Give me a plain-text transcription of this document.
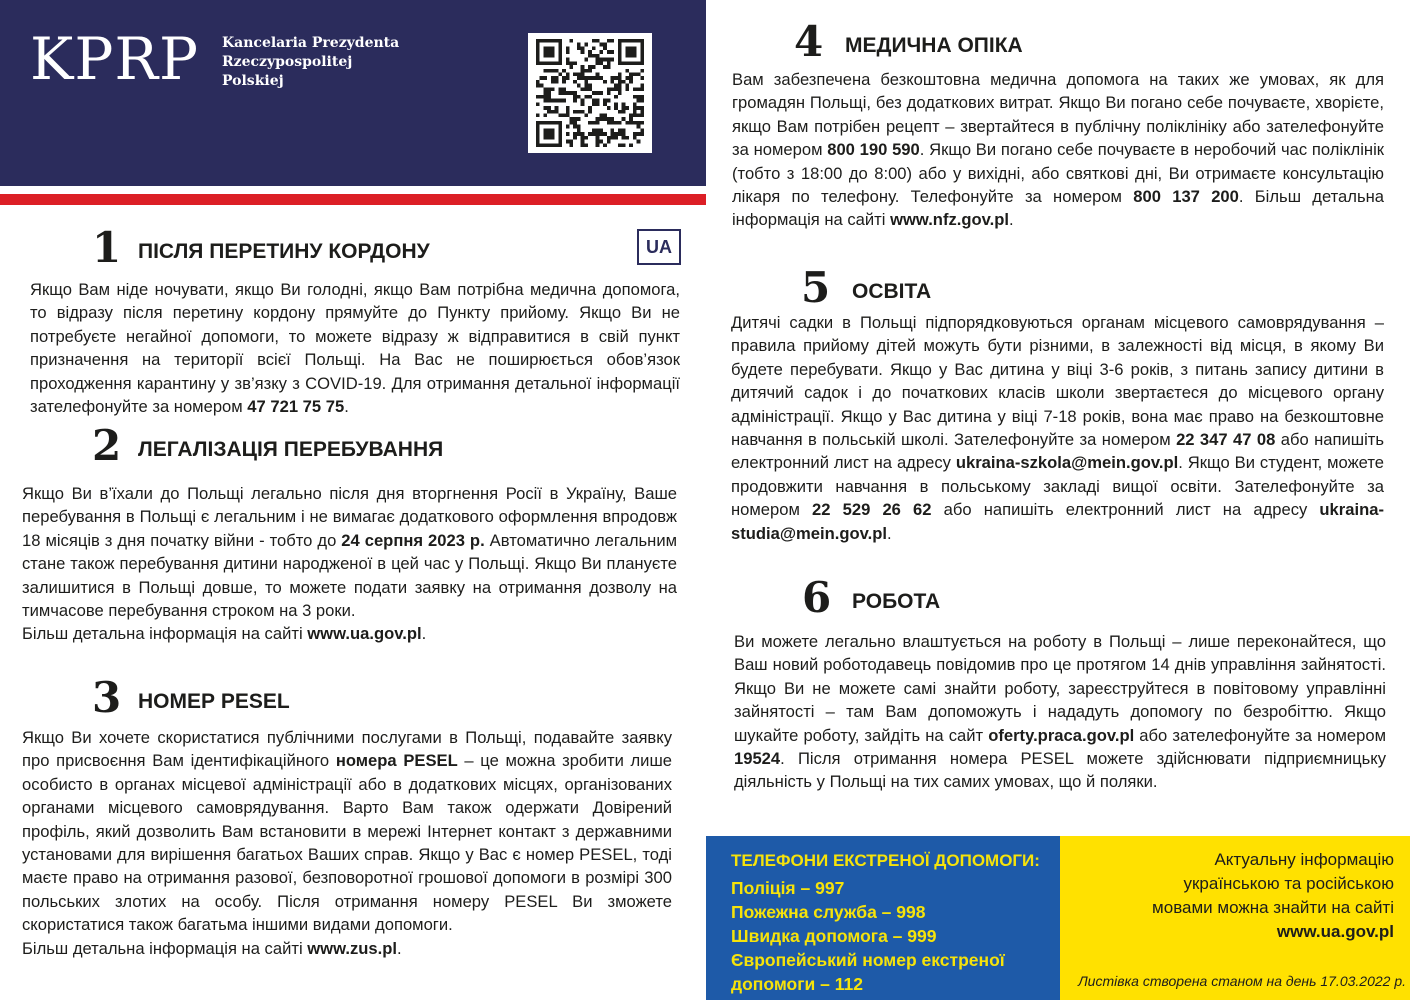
KPRP Kancelaria Prezydenta
Rzeczypospolitej
Polskiej
UA
1 ПІСЛЯ ПЕРЕТИНУ КОРДОНУ

Якщо Вам ніде ночувати, якщо Ви голодні, якщо Вам потрібна медична допомога, то відразу після перетину кордону прямуйте до Пункту прийому. Якщо Ви не потребуєте негайної допомоги, то можете відразу ж відправитися в свій пункт призначення на території всієї Польщі. На Вас не поширюється обов’язок проходження карантину у зв’язку з COVID-19. Для отримання детальної інформації зателефонуйте за номером 47 721 75 75.

2 ЛЕГАЛІЗАЦІЯ ПЕРЕБУВАННЯ

Якщо Ви в’їхали до Польщі легально після дня вторгнення Росії в Україну, Ваше перебування в Польщі є легальним і не вимагає додаткового оформлення впродовж 18 місяців з дня початку війни - тобто до 24 серпня 2023 р. Автоматично легальним стане також перебування дитини народженої в цей час у Польщі. Якщо Ви плануєте залишитися в Польщі довше, то можете подати заявку на отримання дозволу на тимчасове перебування строком на 3 роки.

Більш детальна інформація на сайті www.ua.gov.pl.

3 НОМЕР PESEL

Якщо Ви хочете скористатися публічними послугами в Польщі, подавайте заявку про присвоєння Вам ідентифікаційного номера PESEL – це можна зробити лише особисто в органах місцевої адміністрації або в додаткових місцях, організованих органами місцевого самоврядування. Варто Вам також одержати Довірений профіль, який дозволить Вам встановити в мережі Інтернет контакт з державними установами для вирішення багатьох Ваших справ. Якщо у Вас є номер PESEL, тоді маєте право на отримання разової, безповоротної грошової допомоги в розмірі 300 польських злотих на особу. Після отримання номеру PESEL Ви зможете скористатися також багатьма іншими видами допомоги.

Більш детальна інформація на сайті www.zus.pl.

4 МЕДИЧНА ОПІКА

Вам забезпечена безкоштовна медична допомога на таких же умовах, як для громадян Польщі, без додаткових витрат. Якщо Ви погано себе почуваєте, хворієте, якщо Вам потрібен рецепт – звертайтеся в публічну поліклініку або зателефонуйте за номером 800 190 590. Якщо Ви погано себе почуваєте в неробочий час поліклінік (тобто з 18:00 до 8:00) або у вихідні, або святкові дні, Ви отримаєте консультацію лікаря по телефону. Телефонуйте за номером 800 137 200. Більш детальна інформація на сайті www.nfz.gov.pl.

5 ОСВІТА

Дитячі садки в Польщі підпорядковуються органам місцевого самоврядування – правила прийому дітей можуть бути різними, в залежності від місця, в якому Ви будете перебувати. Якщо у Вас дитина у віці 3-6 років, з питань запису дитини в дитячий садок і до початкових класів школи звертаєтеся до місцевого органу адміністрації. Якщо у Вас дитина у віці 7-18 років, вона має право на безкоштовне навчання в польській школі. Зателефонуйте за номером 22 347 47 08 або напишіть електронний лист на адресу ukraina-szkola@mein.gov.pl. Якщо Ви студент, можете продовжити навчання в польському закладі вищої освіти. Зателефонуйте за номером 22 529 26 62 або напишіть електронний лист на адресу ukraina-studia@mein.gov.pl.

6 РОБОТА

Ви можете легально влаштується на роботу в Польщі – лише переконайтеся, що Ваш новий роботодавець повідомив про це протягом 14 днів управління зайнятості. Якщо Ви не можете самі знайти роботу, зареєструйтеся в повітовому управлінні зайнятості – там Вам допоможуть і нададуть допомогу по безробіттю. Якщо шукайте роботу, зайдіть на сайт oferty.praca.gov.pl або зателефонуйте за номером 19524. Після отримання номера PESEL можете здійснювати підприємницьку діяльність у Польщі на тих самих умовах, що й поляки.

ТЕЛЕФОНИ ЕКСТРЕНОЇ ДОПОМОГИ:
Поліція – 997
Пожежна служба – 998
Швидка допомога – 999
Європейський номер екстреної
допомоги – 112
Актуальну інформацію
українською та російською
мовами можна знайти на сайті
www.ua.gov.pl
Листівка створена станом на день 17.03.2022 р.
